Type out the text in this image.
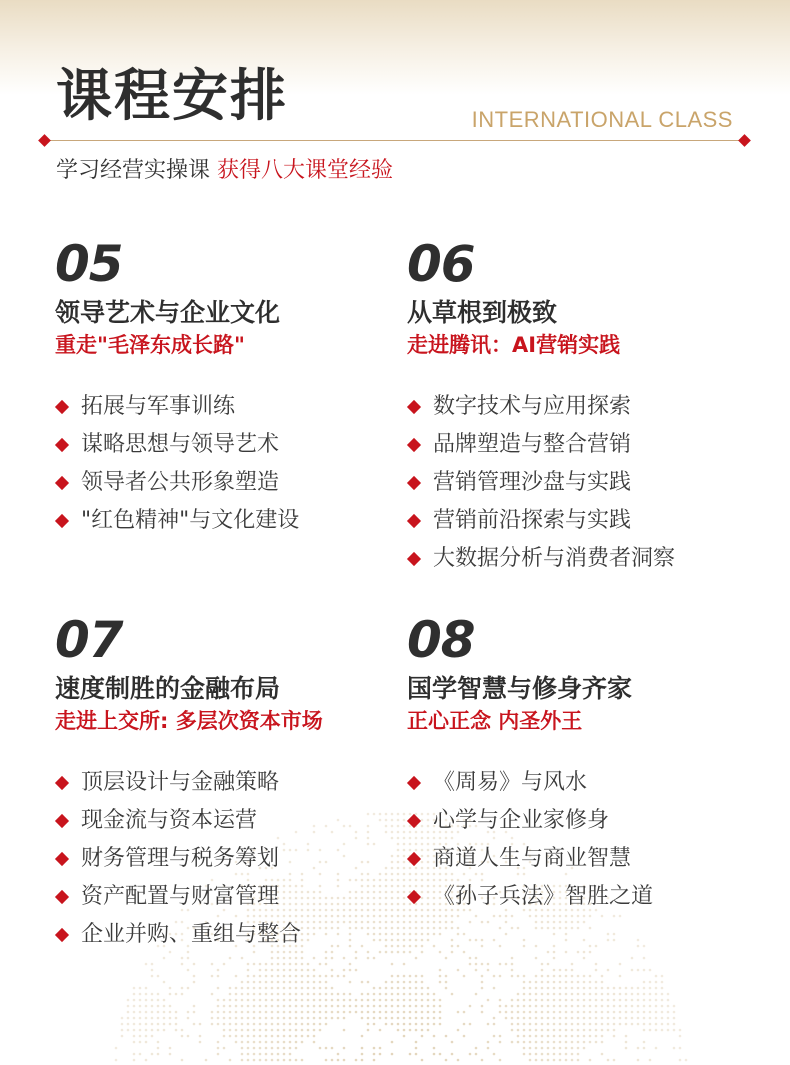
课程安排	INTERNATIONAL CLASS
学习经营实操课 获得八大课堂经验
05
领导艺术与企业文化
重走"毛泽东成长路"
拓展与军事训练
谋略思想与领导艺术
领导者公共形象塑造
"红色精神"与文化建设
06
从草根到极致
走进腾讯：AI营销实践
数字技术与应用探索
品牌塑造与整合营销
营销管理沙盘与实践
营销前沿探索与实践
大数据分析与消费者洞察
07
速度制胜的金融布局
走进上交所: 多层次资本市场
顶层设计与金融策略
现金流与资本运营
财务管理与税务筹划
资产配置与财富管理
企业并购、重组与整合
08
国学智慧与修身齐家
正心正念 内圣外王
《周易》与风水
心学与企业家修身
商道人生与商业智慧
《孙子兵法》智胜之道
